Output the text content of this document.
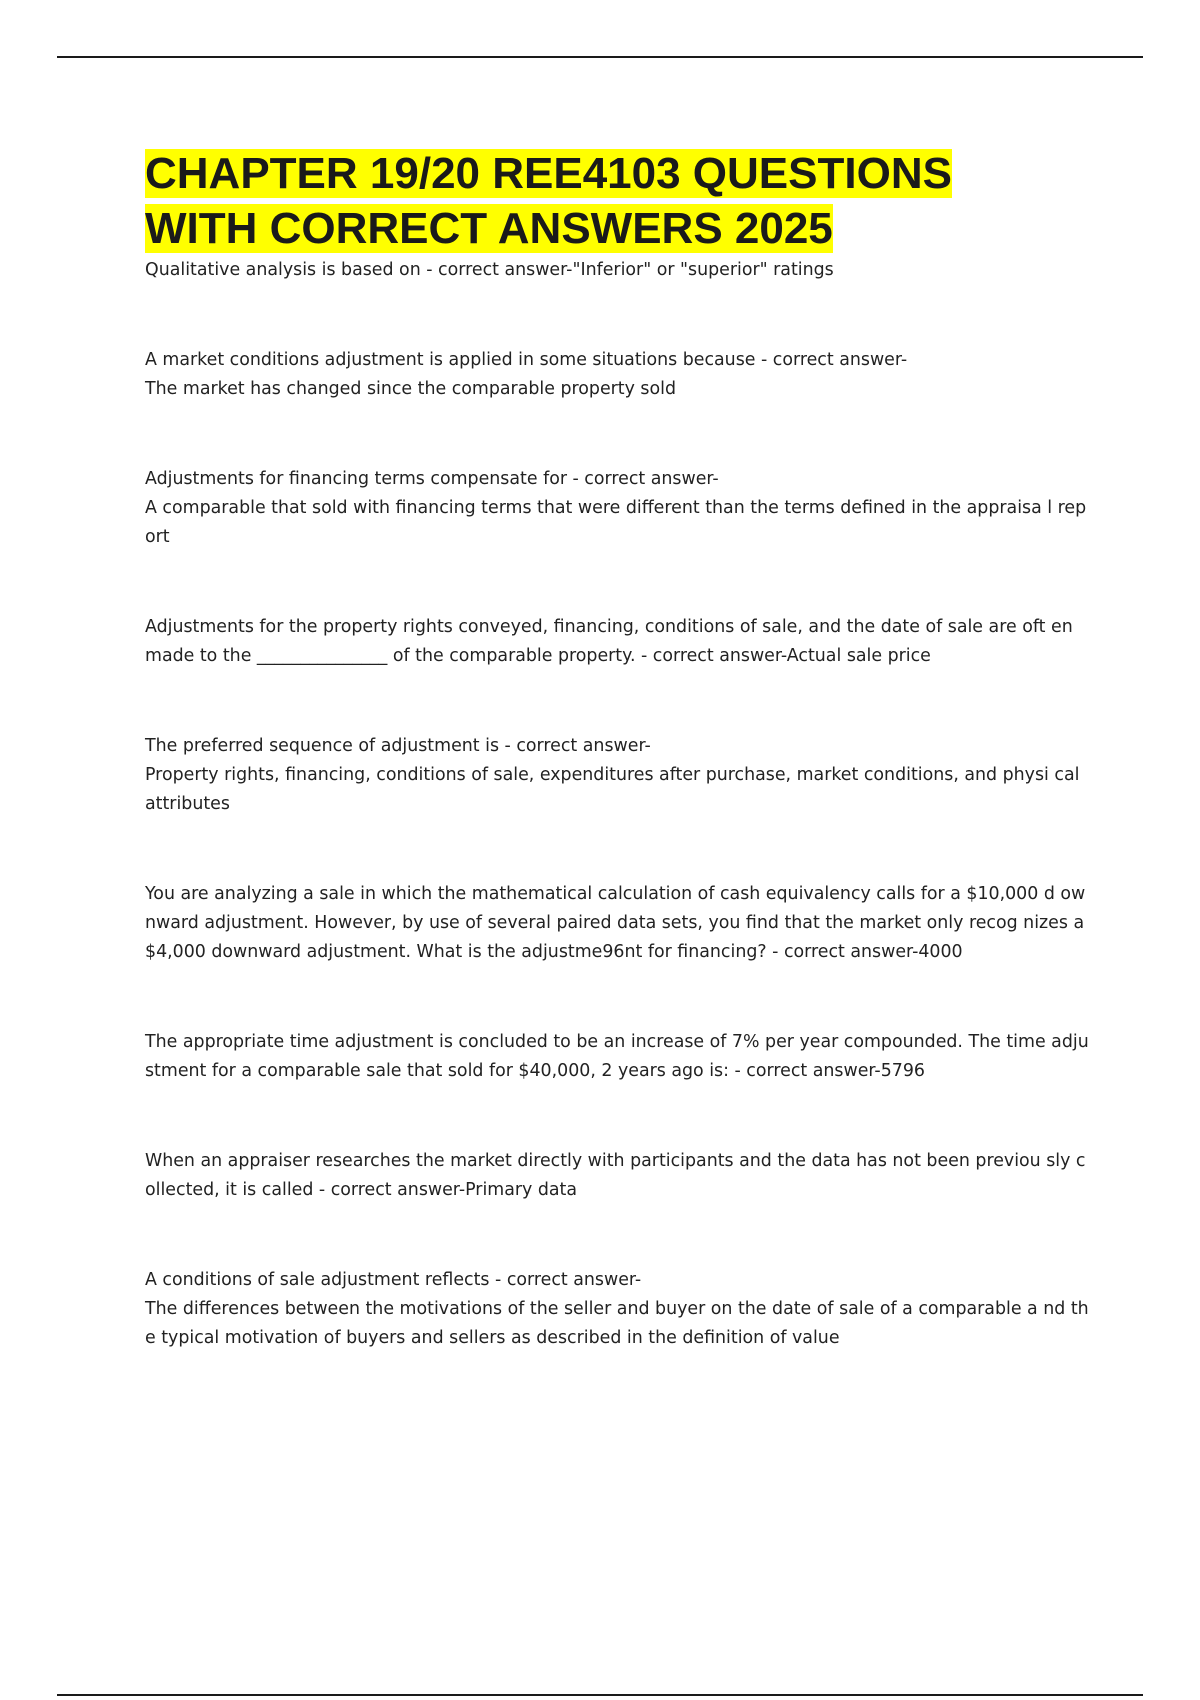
CHAPTER 19/20 REE4103 QUESTIONS
WITH CORRECT ANSWERS 2025
Qualitative analysis is based on - correct answer-"Inferior" or "superior" ratings
A market conditions adjustment is applied in some situations because - correct answer-
The market has changed since the comparable property sold
Adjustments for financing terms compensate for - correct answer-
A comparable that sold with financing terms that were different than the terms defined in the appraisa l report
Adjustments for the property rights conveyed, financing, conditions of sale, and the date of sale are oft en made to the _______________ of the comparable property. - correct answer-Actual sale price
The preferred sequence of adjustment is - correct answer-
Property rights, financing, conditions of sale, expenditures after purchase, market conditions, and physi cal attributes
You are analyzing a sale in which the mathematical calculation of cash equivalency calls for a $10,000 d ownward adjustment. However, by use of several paired data sets, you find that the market only recog nizes a $4,000 downward adjustment. What is the adjustme96nt for financing? - correct answer-4000
The appropriate time adjustment is concluded to be an increase of 7% per year compounded. The time adjustment for a comparable sale that sold for $40,000, 2 years ago is: - correct answer-5796
When an appraiser researches the market directly with participants and the data has not been previou sly collected, it is called - correct answer-Primary data
A conditions of sale adjustment reflects - correct answer-
The differences between the motivations of the seller and buyer on the date of sale of a comparable a nd the typical motivation of buyers and sellers as described in the definition of value
